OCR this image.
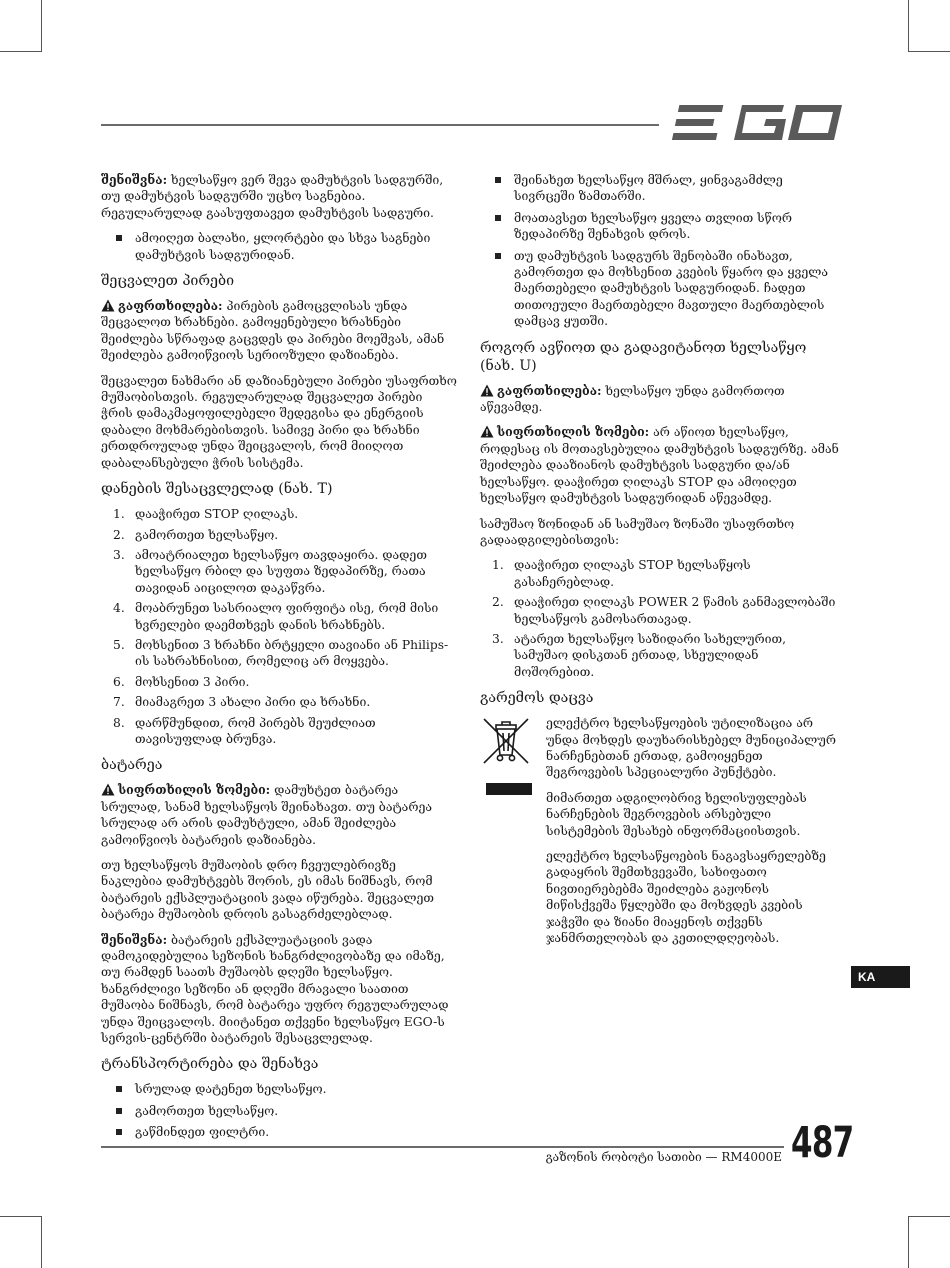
შენიშვნა: ხელსაწყო ვერ შევა დამუხტვის სადგურში, თუ დამუხტვის სადგურში უცხო საგნებია. რეგულარულად გაასუფთავეთ დამუხტვის სადგური.

ამოიღეთ ბალახი, ყლორტები და სხვა საგნები დამუხტვის სადგურიდან.
შეცვალეთ პირები

გაფრთხილება: პირების გამოცვლისას უნდა შეცვალოთ ხრახნები. გამოყენებული ხრახნები შეიძლება სწრაფად გაცვდეს და პირები მოეშვას, ამან შეიძლება გამოიწვიოს სერიოზული დაზიანება.

შეცვალეთ ნახმარი ან დაზიანებული პირები უსაფრთხო მუშაობისთვის. რეგულარულად შეცვალეთ პირები ჭრის დამაკმაყოფილებელი შედეგისა და ენერგიის დაბალი მოხმარებისთვის. სამივე პირი და ხრახნი ერთდროულად უნდა შეიცვალოს, რომ მიიღოთ დაბალანსებული ჭრის სისტემა.

დანების შესაცვლელად (ნახ. T)
1. დააჭირეთ STOP ღილაკს.
2. გამორთეთ ხელსაწყო.
3. ამოატრიალეთ ხელსაწყო თავდაყირა. დადეთ ხელსაწყო რბილ და სუფთა ზედაპირზე, რათა თავიდან აიცილოთ დაკაწვრა.
4. მოაბრუნეთ სასრიალო ფირფიტა ისე, რომ მისი ხვრელები დაემთხვეს დანის ხრახნებს.
5. მოხსენით 3 ხრახნი ბრტყელი თავიანი ან Philips-ის სახრახნისით, რომელიც არ მოყვება.
6. მოხსენით 3 პირი.
7. მიამაგრეთ 3 ახალი პირი და ხრახნი.
8. დარწმუნდით, რომ პირებს შეუძლიათ თავისუფლად ბრუნვა.
ბატარეა

სიფრთხილის ზომები: დამუხტეთ ბატარეა სრულად, სანამ ხელსაწყოს შეინახავთ. თუ ბატარეა სრულად არ არის დამუხტული, ამან შეიძლება გამოიწვიოს ბატარეის დაზიანება.

თუ ხელსაწყოს მუშაობის დრო ჩვეულებრივზე ნაკლებია დამუხტვებს შორის, ეს იმას ნიშნავს, რომ ბატარეის ექსპლუატაციის ვადა იწურება. შეცვალეთ ბატარეა მუშაობის დროის გასაგრძელებლად.

შენიშვნა: ბატარეის ექსპლუატაციის ვადა დამოკიდებულია სეზონის ხანგრძლივობაზე და იმაზე, თუ რამდენ საათს მუშაობს დღეში ხელსაწყო. ხანგრძლივი სეზონი ან დღეში მრავალი საათით მუშაობა ნიშნავს, რომ ბატარეა უფრო რეგულარულად უნდა შეიცვალოს. მიიტანეთ თქვენი ხელსაწყო EGO-ს სერვის-ცენტრში ბატარეის შესაცვლელად.

ტრანსპორტირება და შენახვა
სრულად დატენეთ ხელსაწყო.
გამორთეთ ხელსაწყო.
გაწმინდეთ ფილტრი.
შეინახეთ ხელსაწყო მშრალ, ყინვაგამძლე სივრცეში ზამთარში.
მოათავსეთ ხელსაწყო ყველა თვლით სწორ ზედაპირზე შენახვის დროს.
თუ დამუხტვის სადგურს შენობაში ინახავთ, გამორთეთ და მოხსენით კვების წყარო და ყველა მაერთებელი დამუხტვის სადგურიდან. ჩადეთ თითოეული მაერთებელი მავთული მაერთებლის დამცავ ყუთში.
როგორ ავწიოთ და გადავიტანოთ ხელსაწყო (ნახ. U)

გაფრთხილება: ხელსაწყო უნდა გამორთოთ აწევამდე.

სიფრთხილის ზომები: არ აწიოთ ხელსაწყო, როდესაც ის მოთავსებულია დამუხტვის სადგურზე. ამან შეიძლება დააზიანოს დამუხტვის სადგური და/ან ხელსაწყო. დააჭირეთ ღილაკს STOP და ამოიღეთ ხელსაწყო დამუხტვის სადგურიდან აწევამდე.

სამუშაო ზონიდან ან სამუშაო ზონაში უსაფრთხო გადაადგილებისთვის:

1. დააჭირეთ ღილაკს STOP ხელსაწყოს გასაჩერებლად.
2. დააჭირეთ ღილაკს POWER 2 წამის განმავლობაში ხელსაწყოს გამოსართავად.
3. ატარეთ ხელსაწყო საზიდარი სახელურით, სამუშაო დისკთან ერთად, სხეულიდან მოშორებით.
გარემოს დაცვა

ელექტრო ხელსაწყოების უტილიზაცია არ უნდა მოხდეს დაუხარისხებელ მუნიციპალურ ნარჩენებთან ერთად, გამოიყენეთ შეგროვების სპეციალური პუნქტები.

მიმართეთ ადგილობრივ ხელისუფლებას ნარჩენების შეგროვების არსებული სისტემების შესახებ ინფორმაციისთვის.

ელექტრო ხელსაწყოების ნაგავსაყრელებზე გადაყრის შემთხვევაში, სახიფათო ნივთიერებებმა შეიძლება გაჟონოს მიწისქვეშა წყლებში და მოხვდეს კვების ჯაჭვში და ზიანი მიაყენოს თქვენს ჯანმრთელობას და კეთილდღეობას.

KA
გაზონის რობოტი სათიბი — RM4000E 487
